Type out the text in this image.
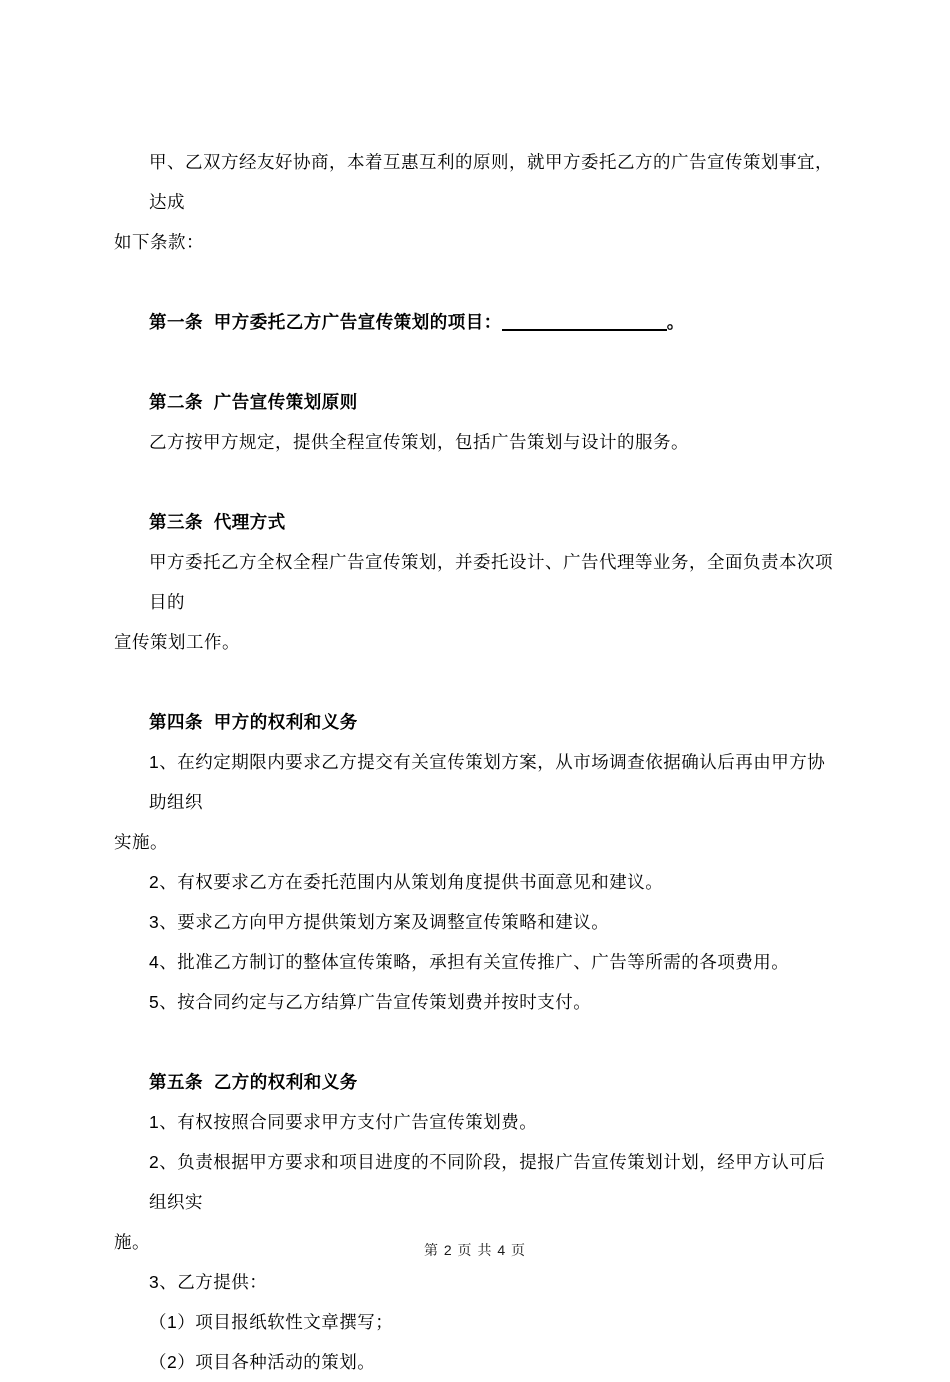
甲、乙双方经友好协商，本着互惠互利的原则，就甲方委托乙方的广告宣传策划事宜，达成
如下条款：
第一条  甲方委托乙方广告宣传策划的项目：	。
第二条  广告宣传策划原则
乙方按甲方规定，提供全程宣传策划，包括广告策划与设计的服务。
第三条  代理方式
甲方委托乙方全权全程广告宣传策划，并委托设计、广告代理等业务，全面负责本次项目的
宣传策划工作。
第四条  甲方的权利和义务
1、在约定期限内要求乙方提交有关宣传策划方案，从市场调查依据确认后再由甲方协助组织
实施。
2、有权要求乙方在委托范围内从策划角度提供书面意见和建议。
3、要求乙方向甲方提供策划方案及调整宣传策略和建议。
4、批准乙方制订的整体宣传策略，承担有关宣传推广、广告等所需的各项费用。
5、按合同约定与乙方结算广告宣传策划费并按时支付。
第五条  乙方的权利和义务
1、有权按照合同要求甲方支付广告宣传策划费。
2、负责根据甲方要求和项目进度的不同阶段，提报广告宣传策划计划，经甲方认可后组织实
施。
3、乙方提供：
（1）项目报纸软性文章撰写；
（2）项目各种活动的策划。
第 2 页 共 4 页
